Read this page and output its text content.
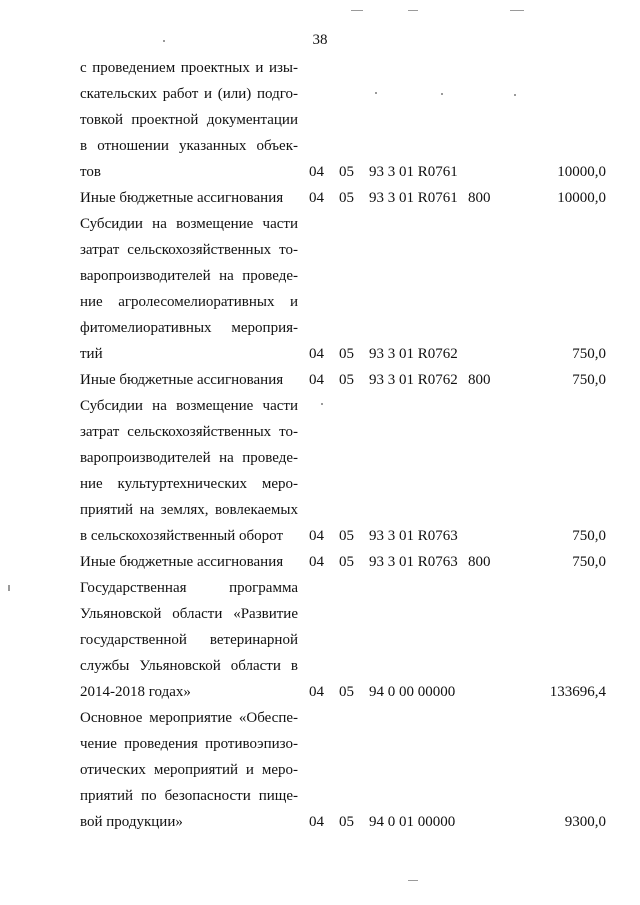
38
с проведением проектных и изы-
скательских работ и (или) подго-
товкой проектной документации
в отношении указанных объек-
тов	04 05 93 3 01 R0761	10000,0
Иные бюджетные ассигнования	04 05 93 3 01 R0761 800	10000,0
Субсидии на возмещение части
затрат сельскохозяйственных то-
варопроизводителей на проведе-
ние агролесомелиоративных и
фитомелиоративных мероприя-
тий	04 05 93 3 01 R0762	750,0
Иные бюджетные ассигнования	04 05 93 3 01 R0762 800	750,0
Субсидии на возмещение части
затрат сельскохозяйственных то-
варопроизводителей на проведе-
ние культуртехнических меро-
приятий на землях, вовлекаемых
в сельскохозяйственный оборот	04 05 93 3 01 R0763	750,0
Иные бюджетные ассигнования	04 05 93 3 01 R0763 800	750,0
Государственная программа
Ульяновской области «Развитие
государственной ветеринарной
службы Ульяновской области в
2014-2018 годах»	04 05 94 0 00 00000	133696,4
Основное мероприятие «Обеспе-
чение проведения противоэпизо-
отических мероприятий и меро-
приятий по безопасности пище-
вой продукции»	04 05 94 0 01 00000	9300,0
